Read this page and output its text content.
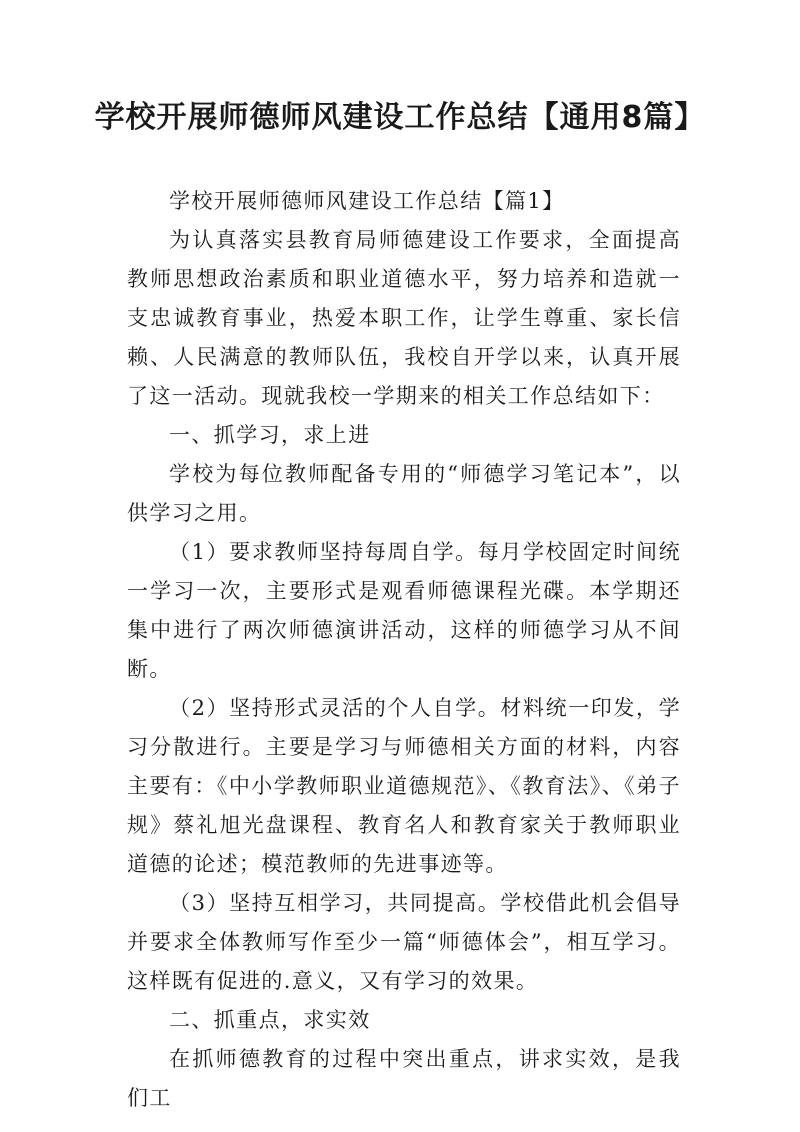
学校开展师德师风建设工作总结【通用8篇】

学校开展师德师风建设工作总结【篇1】

为认真落实县教育局师德建设工作要求，全面提高教师思想政治素质和职业道德水平，努力培养和造就一支忠诚教育事业，热爱本职工作，让学生尊重、家长信赖、人民满意的教师队伍，我校自开学以来，认真开展了这一活动。现就我校一学期来的相关工作总结如下：

一、抓学习，求上进

学校为每位教师配备专用的“师德学习笔记本”，以供学习之用。

（1）要求教师坚持每周自学。每月学校固定时间统一学习一次，主要形式是观看师德课程光碟。本学期还集中进行了两次师德演讲活动，这样的师德学习从不间断。

（2）坚持形式灵活的个人自学。材料统一印发，学习分散进行。主要是学习与师德相关方面的材料，内容主要有：《中小学教师职业道德规范》、《教育法》、《弟子规》蔡礼旭光盘课程、教育名人和教育家关于教师职业道德的论述；模范教师的先进事迹等。

（3）坚持互相学习，共同提高。学校借此机会倡导并要求全体教师写作至少一篇“师德体会”，相互学习。这样既有促进的.意义，又有学习的效果。

二、抓重点，求实效

在抓师德教育的过程中突出重点，讲求实效，是我们工
